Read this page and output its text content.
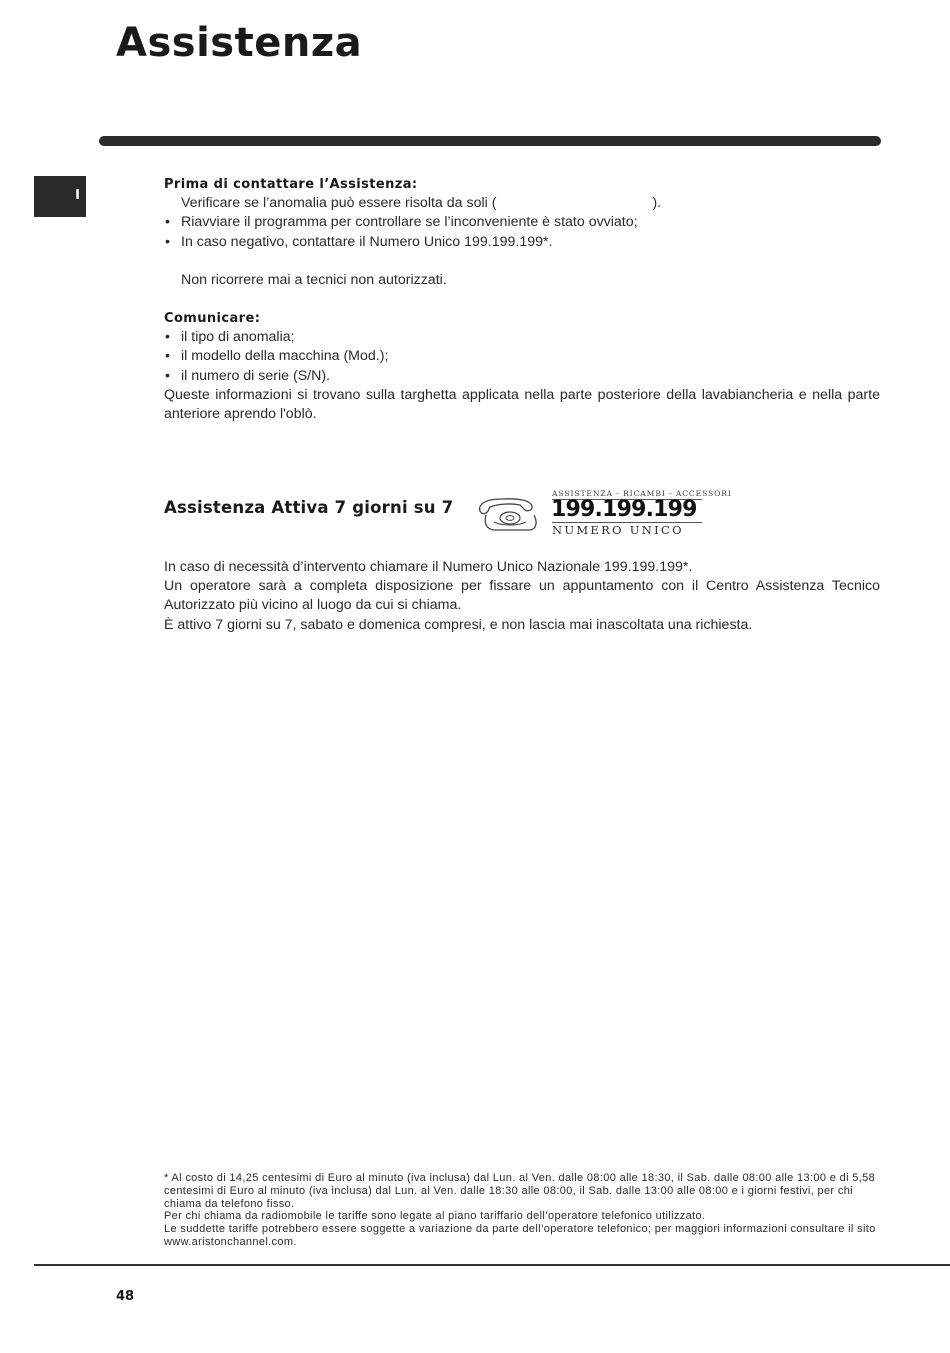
Assistenza
I

Prima di contattare l’Assistenza:

Verificare se l’anomalia può essere risolta da soli (	).

• Riavviare il programma per controllare se l’inconveniente è stato ovviato;

• In caso negativo, contattare il Numero Unico 199.199.199*.

Non ricorrere mai a tecnici non autorizzati.

Comunicare:

• il tipo di anomalia;

• il modello della macchina (Mod.);

• il numero di serie (S/N).

Queste informazioni si trovano sulla targhetta applicata nella parte posteriore della lavabiancheria e nella parte anteriore aprendo l'oblò.

Assistenza Attiva 7 giorni su 7
ASSISTENZA - RICAMBI - ACCESSORI
199.199.199
NUMERO UNICO

In caso di necessità d’intervento chiamare il Numero Unico Nazionale 199.199.199*.

Un operatore sarà a completa disposizione per fissare un appuntamento con il Centro Assistenza Tecnico Autorizzato più vicino al luogo da cui si chiama.

È attivo 7 giorni su 7, sabato e domenica compresi, e non lascia mai inascoltata una richiesta.

* Al costo di 14,25 centesimi di Euro al minuto (iva inclusa) dal Lun. al Ven. dalle 08:00 alle 18:30, il Sab. dalle 08:00 alle 13:00 e di 5,58 centesimi di Euro al minuto (iva inclusa) dal Lun. al Ven. dalle 18:30 alle 08:00, il Sab. dalle 13:00 alle 08:00 e i giorni festivi, per chi chiama da telefono fisso.

Per chi chiama da radiomobile le tariffe sono legate al piano tariffario dell’operatore telefonico utilizzato.

Le suddette tariffe potrebbero essere soggette a variazione da parte dell’operatore telefonico; per maggiori informazioni consultare il sito www.aristonchannel.com.

48
